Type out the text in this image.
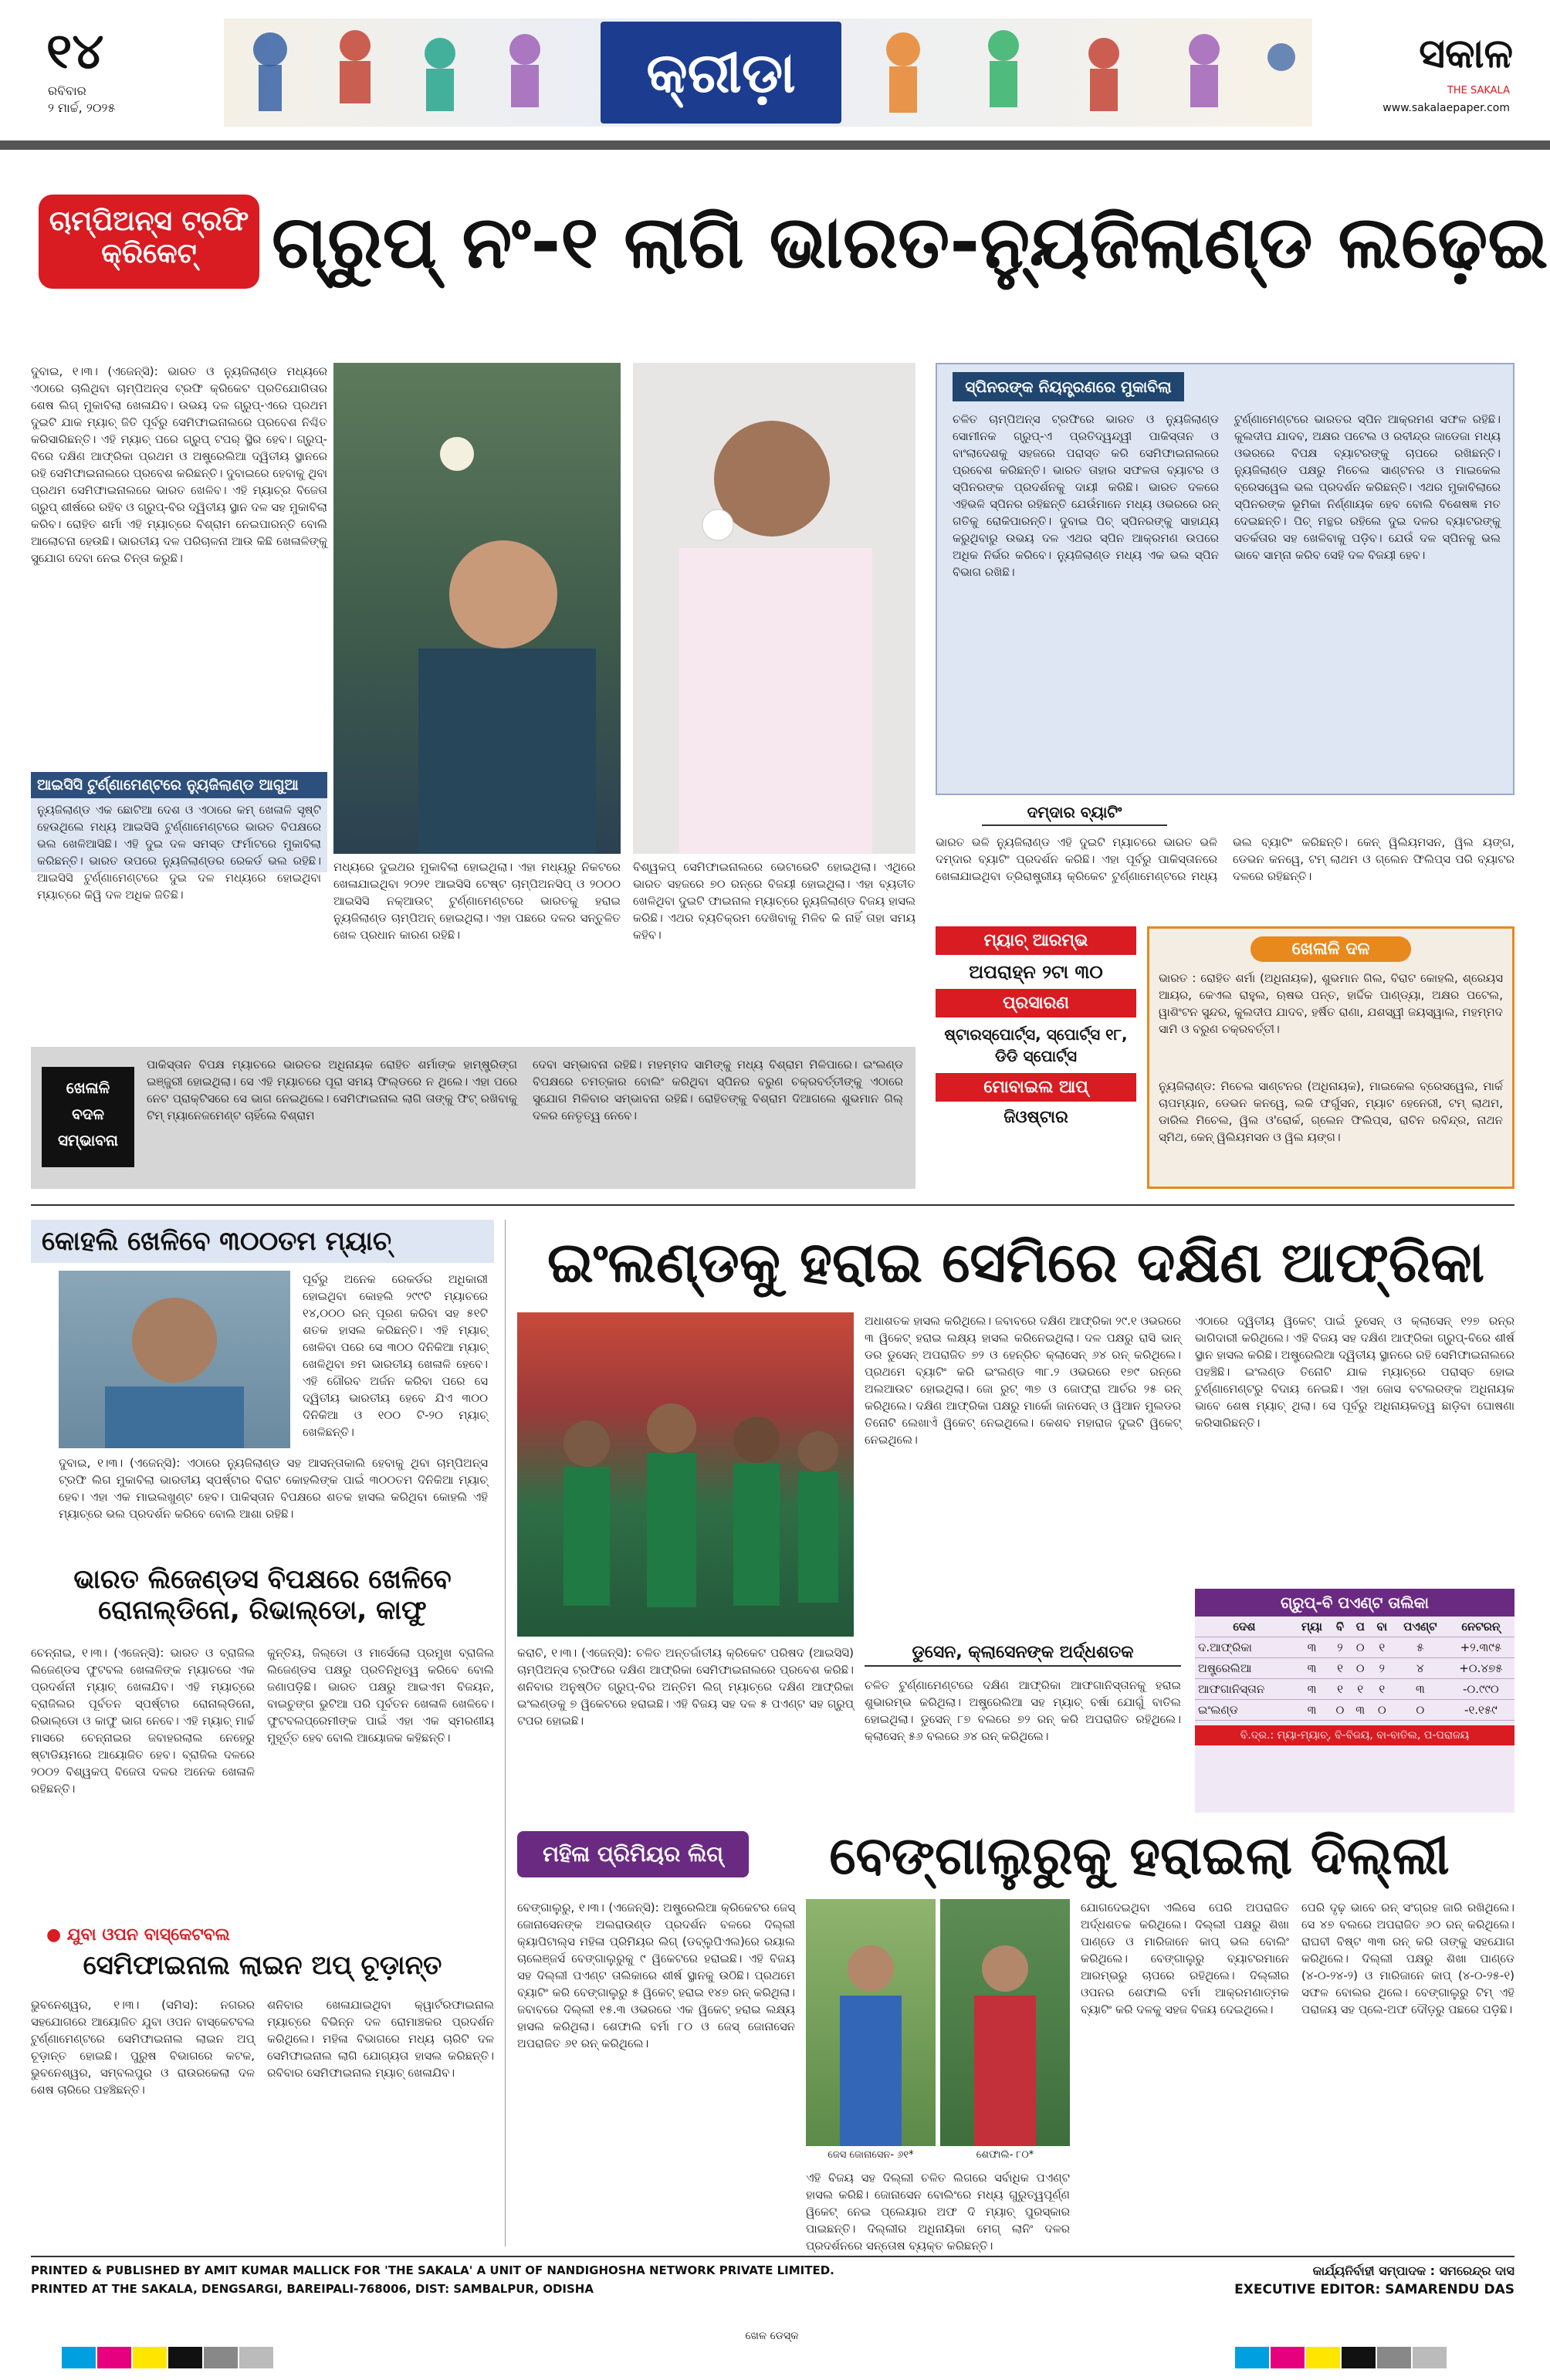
୧୪
ରବିବାର
୨ ମାର୍ଚ୍ଚ, ୨୦୨୫
କ୍ରୀଡ଼ା	ସକାଳ
THE SAKALA
www.sakalaepaper.com
ଚାମ୍ପିଅନ୍ସ ଟ୍ରଫି
କ୍ରିକେଟ୍	ଗ୍ରୁପ୍ ନଂ-୧ ଲାଗି ଭାରତ-ନ୍ୟୁଜିଲାଣ୍ଡ ଲଢ଼େଇ
ଦୁବାଇ, ୧।୩। (ଏଜେନ୍ସି): ଭାରତ ଓ ନ୍ୟୁଜିଲାଣ୍ଡ ମଧ୍ୟରେ ଏଠାରେ ଚାଲିଥିବା ଚାମ୍ପିଅନ୍ସ ଟ୍ରଫି କ୍ରିକେଟ ପ୍ରତିଯୋଗିତାର ଶେଷ ଲିଗ୍ ମୁକାବିଲା ଖେଳାଯିବ। ଉଭୟ ଦଳ ଗ୍ରୁପ୍-ଏରେ ପ୍ରଥମ ଦୁଇଟି ଯାକ ମ୍ୟାଚ୍ ଜିତି ପୂର୍ବରୁ ସେମିଫାଇନାଲରେ ପ୍ରବେଶ ନିଶ୍ଚିତ କରିସାରିଛନ୍ତି। ଏହି ମ୍ୟାଚ୍ ପରେ ଗ୍ରୁପ୍ ଟପର୍ ସ୍ଥିର ହେବ। ଗ୍ରୁପ୍-ବିରେ ଦକ୍ଷିଣ ଆଫ୍ରିକା ପ୍ରଥମ ଓ ଅଷ୍ଟ୍ରେଲିଆ ଦ୍ୱିତୀୟ ସ୍ଥାନରେ ରହି ସେମିଫାଇନାଲରେ ପ୍ରବେଶ କରିଛନ୍ତି। ଦୁବାଇରେ ହେବାକୁ ଥିବା ପ୍ରଥମ ସେମିଫାଇନାଲରେ ଭାରତ ଖେଳିବ। ଏହି ମ୍ୟାଚ୍‌ର ବିଜେତା ଗ୍ରୁପ୍ ଶୀର୍ଷରେ ରହିବ ଓ ଗ୍ରୁପ୍-ବିର ଦ୍ୱିତୀୟ ସ୍ଥାନ ଦଳ ସହ ମୁକାବିଲା କରିବ। ରୋହିତ ଶର୍ମା ଏହି ମ୍ୟାଚ୍‌ରେ ବିଶ୍ରାମ ନେଇପାରନ୍ତି ବୋଲି ଆଲୋଚନା ହେଉଛି। ଭାରତୀୟ ଦଳ ପରିଚାଳନା ଆଉ କିଛି ଖେଳାଳିଙ୍କୁ ସୁଯୋଗ ଦେବା ନେଇ ଚିନ୍ତା କରୁଛି।
ଆଇସିସି ଟୁର୍ଣ୍ଣାମେଣ୍ଟରେ ନ୍ୟୁଜିଲାଣ୍ଡ ଆଗୁଆ
ନ୍ୟୁଜିଲାଣ୍ଡ ଏକ ଛୋଟିଆ ଦେଶ ଓ ଏଠାରେ କମ୍ ଖେଳାଳି ସୃଷ୍ଟି ହେଉଥିଲେ ମଧ୍ୟ ଆଇସିସି ଟୁର୍ଣ୍ଣାମେଣ୍ଟରେ ଭାରତ ବିପକ୍ଷରେ ଭଲ ଖେଳିଆସିଛି। ଏହି ଦୁଇ ଦଳ ସମସ୍ତ ଫର୍ମାଟରେ ମୁକାବିଲା କରିଛନ୍ତି। ଭାରତ ଉପରେ ନ୍ୟୁଜିଲାଣ୍ଡର ରେକର୍ଡ ଭଲ ରହିଛି। ଆଇସିସି ଟୁର୍ଣ୍ଣାମେଣ୍ଟରେ ଦୁଇ ଦଳ ମଧ୍ୟରେ ହୋଇଥିବା ମ୍ୟାଚ୍‌ରେ କିୱି ଦଳ ଅଧିକ ଜିତିଛି।
ମଧ୍ୟରେ ଦୁଇଥର ମୁକାବିଲା ହୋଇଥିଲା। ଏହା ମଧ୍ୟରୁ ନିକଟରେ ଖେଳାଯାଇଥିବା ୨୦୨୧ ଆଇସିସି ଟେଷ୍ଟ ଚାମ୍ପିଅନସିପ୍ ଓ ୨୦୦୦ ଆଇସିସି ନକ୍‌ଆଉଟ୍ ଟୁର୍ଣ୍ଣାମେଣ୍ଟରେ ଭାରତକୁ ହରାଇ ନ୍ୟୁଜିଲାଣ୍ଡ ଚାମ୍ପିଅନ୍ ହୋଇଥିଲା। ଏହା ପଛରେ ଦଳର ସନ୍ତୁଳିତ ଖେଳ ପ୍ରଧାନ କାରଣ ରହିଛି।
ବିଶ୍ୱକପ୍ ସେମିଫାଇନାଲରେ ଭେଟାଭେଟି ହୋଇଥିଲା। ଏଥିରେ ଭାରତ ସହଜରେ ୭୦ ରନ୍‌ରେ ବିଜୟୀ ହୋଇଥିଲା। ଏହା ବ୍ୟତୀତ ଖେଳିଥିବା ଦୁଇଟି ଫାଇନାଲ ମ୍ୟାଚ୍‌ରେ ନ୍ୟୁଜିଲାଣ୍ଡ ବିଜୟ ହାସଲ କରିଛି। ଏଥର ବ୍ୟତିକ୍ରମ ଦେଖିବାକୁ ମିଳିବ କି ନାହିଁ ତାହା ସମୟ କହିବ।
ସ୍ପିନରଙ୍କ ନିୟନ୍ତ୍ରଣରେ ମୁକାବିଲା
ଚଳିତ ଚାମ୍ପିଅନ୍ସ ଟ୍ରଫିରେ ଭାରତ ଓ ନ୍ୟୁଜିଲାଣ୍ଡ ସୋମୀନକ ଗ୍ରୁପ୍-ଏ ପ୍ରତିଦ୍ୱନ୍ଦ୍ୱୀ ପାକିସ୍ତାନ ଓ ବାଂଲାଦେଶକୁ ସହଜରେ ପରାସ୍ତ କରି ସେମିଫାଇନାଲରେ ପ୍ରବେଶ କରିଛନ୍ତି। ଭାରତ ତାହାର ସଫଳତା ବ୍ୟାଟର ଓ ସ୍ପିନରଙ୍କ ପ୍ରଦର୍ଶନକୁ ଦାୟୀ କରିଛି। ଭାରତ ଦଳରେ ଏହିଭଳି ସ୍ପିନର ରହିଛନ୍ତି ଯେଉଁମାନେ ମଧ୍ୟ ଓଭରରେ ରନ୍ ଗତିକୁ ରୋକିପାରନ୍ତି। ଦୁବାଇ ପିଚ୍ ସ୍ପିନରଙ୍କୁ ସାହାଯ୍ୟ କରୁଥିବାରୁ ଉଭୟ ଦଳ ଏଥର ସ୍ପିନ ଆକ୍ରମଣ ଉପରେ ଅଧିକ ନିର୍ଭର କରିବେ। ନ୍ୟୁଜିଲାଣ୍ଡ ମଧ୍ୟ ଏକ ଭଲ ସ୍ପିନ ବିଭାଗ ରଖିଛି।
ଟୁର୍ଣ୍ଣାମେଣ୍ଟରେ ଭାରତର ସ୍ପିନ ଆକ୍ରମଣ ସଫଳ ରହିଛି। କୁଲଦୀପ ଯାଦବ, ଅକ୍ଷର ପଟେଲ ଓ ରବୀନ୍ଦ୍ର ଜାଡେଜା ମଧ୍ୟ ଓଭରରେ ବିପକ୍ଷ ବ୍ୟାଟରଙ୍କୁ ଚାପରେ ରଖିଛନ୍ତି। ନ୍ୟୁଜିଲାଣ୍ଡ ପକ୍ଷରୁ ମିଚେଲ ସାଣ୍ଟନର ଓ ମାଇକେଲ ବ୍ରେସୱେଲ ଭଲ ପ୍ରଦର୍ଶନ କରିଛନ୍ତି। ଏଥର ମୁକାବିଲାରେ ସ୍ପିନରଙ୍କ ଭୂମିକା ନିର୍ଣ୍ଣାୟକ ହେବ ବୋଲି ବିଶେଷଜ୍ଞ ମତ ଦେଇଛନ୍ତି। ପିଚ୍ ମନ୍ଥର ରହିଲେ ଦୁଇ ଦଳର ବ୍ୟାଟରଙ୍କୁ ସତର୍କତାର ସହ ଖେଳିବାକୁ ପଡ଼ିବ। ଯେଉଁ ଦଳ ସ୍ପିନକୁ ଭଲ ଭାବେ ସାମ୍ନା କରିବ ସେହି ଦଳ ବିଜୟୀ ହେବ।
ଦମ୍ଦାର ବ୍ୟାଟିଂ
ଭାରତ ଭଳି ନ୍ୟୁଜିଲାଣ୍ଡ ଏହି ଦୁଇଟି ମ୍ୟାଚରେ ଭାରତ ଭଳି ଦମ୍ଦାର ବ୍ୟାଟିଂ ପ୍ରଦର୍ଶନ କରିଛି। ଏହା ପୂର୍ବରୁ ପାକିସ୍ତାନରେ ଖେଳାଯାଇଥିବା ତ୍ରିରାଷ୍ଟ୍ରୀୟ କ୍ରିକେଟ ଟୁର୍ଣ୍ଣାମେଣ୍ଟରେ ମଧ୍ୟ ଭଲ ବ୍ୟାଟିଂ କରିଛନ୍ତି। କେନ୍ ୱିଲିୟମସନ, ୱିଲ ୟଙ୍ଗ, ଡେଭନ କନୱେ, ଟମ୍ ଲାଥମ ଓ ଗ୍ଲେନ ଫିଲିପ୍ସ ପରି ବ୍ୟାଟର ଦଳରେ ରହିଛନ୍ତି।
ମ୍ୟାଚ୍ ଆରମ୍ଭ
ଅପରାହ୍ନ ୨ଟା ୩୦
ପ୍ରସାରଣ
ଷ୍ଟାରସ୍ପୋର୍ଟ୍ସ, ସ୍ପୋର୍ଟ୍ସ ୧୮, ଡିଡି ସ୍ପୋର୍ଟ୍ସ
ମୋବାଇଲ ଆପ୍
ଜିଓଷ୍ଟାର
ଖେଳାଳି ଦଳ
ଭାରତ : ରୋହିତ ଶର୍ମା (ଅଧିନାୟକ), ଶୁଭମାନ ଗିଲ, ବିରାଟ କୋହଲି, ଶ୍ରେୟସ ଆୟର, କେଏଲ ରାହୁଲ, ଋଷଭ ପନ୍ତ, ହାର୍ଦ୍ଦିକ ପାଣ୍ଡ୍ୟା, ଅକ୍ଷର ପଟେଲ, ୱାଶିଂଟନ ସୁନ୍ଦର, କୁଲଦୀପ ଯାଦବ, ହର୍ଷିତ ରାଣା, ଯଶସ୍ୱୀ ଜୟସ୍ୱାଲ, ମହମ୍ମଦ ସାମି ଓ ବରୁଣ ଚକ୍ରବର୍ତ୍ତୀ।
ନ୍ୟୁଜିଲାଣ୍ଡ: ମିଚେଲ ସାଣ୍ଟନର (ଅଧିନାୟକ), ମାଇକେଲ ବ୍ରେସୱେଲ, ମାର୍କ ଚାପମ୍ୟାନ, ଡେଭନ କନୱେ, ଲକି ଫର୍ଗୁସନ, ମ୍ୟାଟ ହେନେରୀ, ଟମ୍ ଲାଥମ, ଡାରିଲ ମିଚେଲ, ୱିଲ ଓ'ରୋର୍କ, ଗ୍ଲେନ ଫିଲିପ୍ସ, ରାଚିନ ରବିନ୍ଦ୍ର, ନାଥନ ସ୍ମିଥ, କେନ୍ ୱିଲିୟମସନ ଓ ୱିଲ ୟଙ୍ଗ।
ଖେଳାଳି
ବଦଳ
ସମ୍ଭାବନା
ପାକିସ୍ତାନ ବିପକ୍ଷ ମ୍ୟାଚରେ ଭାରତର ଅଧିନାୟକ ରୋହିତ ଶର୍ମାଙ୍କ ହାମ୍‌ଷ୍ଟ୍ରିଙ୍ଗ ଇଞ୍ଜୁରୀ ହୋଇଥିଲା। ସେ ଏହି ମ୍ୟାଚରେ ପୂରା ସମୟ ଫିଲ୍ଡରେ ନ ଥିଲେ। ଏହା ପରେ ନେଟ ପ୍ରାକ୍ଟିସରେ ସେ ଭାଗ ନେଇଥିଲେ। ସେମିଫାଇନାଲ ଲାଗି ତାଙ୍କୁ ଫିଟ୍ ରଖିବାକୁ ଟିମ୍ ମ୍ୟାନେଜମେଣ୍ଟ ଚାହିଁଲେ ବିଶ୍ରାମ
ଦେବା ସମ୍ଭାବନା ରହିଛି। ମହମ୍ମଦ ସାମିଙ୍କୁ ମଧ୍ୟ ବିଶ୍ରାମ ମିଳିପାରେ। ଇଂଲଣ୍ଡ ବିପକ୍ଷରେ ଚମତ୍କାର ବୋଲିଂ କରିଥିବା ସ୍ପିନର ବରୁଣ ଚକ୍ରବର୍ତ୍ତୀଙ୍କୁ ଏଠାରେ ସୁଯୋଗ ମିଳିବାର ସମ୍ଭାବନା ରହିଛି। ରୋହିତଙ୍କୁ ବିଶ୍ରାମ ଦିଆଗଲେ ଶୁଭମାନ ଗିଲ୍ ଦଳର ନେତୃତ୍ୱ ନେବେ।
କୋହଲି ଖେଳିବେ ୩୦୦ତମ ମ୍ୟାଚ୍
ପୂର୍ବରୁ ଅନେକ ରେକର୍ଡର ଅଧିକାରୀ ହୋଇଥିବା କୋହଲି ୨୯୯ଟି ମ୍ୟାଚରେ ୧୪,୦୦୦ ରନ୍ ପୂରଣ କରିବା ସହ ୫୧ଟି ଶତକ ହାସଲ କରିଛନ୍ତି। ଏହି ମ୍ୟାଚ୍ ଖେଳିବା ପରେ ସେ ୩୦୦ ଦିନିକିଆ ମ୍ୟାଚ୍ ଖେଳିଥିବା ୭ମ ଭାରତୀୟ ଖେଳାଳି ହେବେ। ଏହି ଗୌରବ ଅର୍ଜନ କରିବା ପରେ ସେ ଦ୍ୱିତୀୟ ଭାରତୀୟ ହେବେ ଯିଏ ୩୦୦ ଦିନିକିଆ ଓ ୧୦୦ ଟି-୨୦ ମ୍ୟାଚ୍ ଖେଳିଛନ୍ତି।
ଦୁବାଇ, ୧।୩। (ଏଜେନ୍ସି): ଏଠାରେ ନ୍ୟୁଜିଲାଣ୍ଡ ସହ ଆସନ୍ତାକାଲି ହେବାକୁ ଥିବା ଚାମ୍ପିଅନ୍ସ ଟ୍ରଫି ଲିଗ ମୁକାବିଲା ଭାରତୀୟ ସ୍ପର୍ଷ୍ଟାର ବିରାଟ କୋହଲିଙ୍କ ପାଇଁ ୩୦୦ତମ ଦିନିକିଆ ମ୍ୟାଚ୍ ହେବ। ଏହା ଏକ ମାଇଲଖୁଣ୍ଟ ହେବ। ପାକିସ୍ତାନ ବିପକ୍ଷରେ ଶତକ ହାସଲ କରିଥିବା କୋହଲି ଏହି ମ୍ୟାଚ୍‌ରେ ଭଲ ପ୍ରଦର୍ଶନ କରିବେ ବୋଲି ଆଶା ରହିଛି।
ଭାରତ ଲିଜେଣ୍ଡସ ବିପକ୍ଷରେ ଖେଳିବେ
ରୋନାଲ୍ଡିନୋ, ରିଭାଲ୍ଡୋ, କାଫୁ
ଚେନ୍ନାଇ, ୧।୩। (ଏଜେନ୍ସି): ଭାରତ ଓ ବ୍ରାଜିଲ ଲିଜେଣ୍ଡସ ଫୁଟବଲ ଖେଳାଳିଙ୍କ ମ୍ୟାଚରେ ଏକ ପ୍ରଦର୍ଶନୀ ମ୍ୟାଚ୍ ଖେଳାଯିବ। ଏହି ମ୍ୟାଚ୍‌ରେ ବ୍ରାଜିଲର ପୂର୍ବତନ ସ୍ପର୍ଷ୍ଟାର ରୋନାଲ୍ଡିନୋ, ରିଭାଲ୍ଡୋ ଓ କାଫୁ ଭାଗ ନେବେ। ଏହି ମ୍ୟାଚ୍ ମାର୍ଚ୍ଚ ମାସରେ ଚେନ୍ନାଇର ଜବାହରଲାଲ ନେହେରୁ ଷ୍ଟାଡିୟମରେ ଆୟୋଜିତ ହେବ। ବ୍ରାଜିଲ ଦଳରେ ୨୦୦୨ ବିଶ୍ୱକପ୍ ବିଜେତା ଦଳର ଅନେକ ଖେଳାଳି ରହିଛନ୍ତି।
କୁନ୍ତିୟ, ଜିଲ୍ଡୋ ଓ ମାର୍ସେଲୋ ପ୍ରମୁଖ ବ୍ରାଜିଲ ଲିଜେଣ୍ଡସ ପକ୍ଷରୁ ପ୍ରତିନିଧିତ୍ୱ କରିବେ ବୋଲି ଜଣାପଡ଼ିଛି। ଭାରତ ପକ୍ଷରୁ ଆଇଏମ ବିଜୟନ, ବାଇଚୁଙ୍ଗ ଭୁଟିଆ ପରି ପୂର୍ବତନ ଖେଳାଳି ଖେଳିବେ। ଫୁଟବଲପ୍ରେମୀଙ୍କ ପାଇଁ ଏହା ଏକ ସ୍ମରଣୀୟ ମୁହୂର୍ତ୍ତ ହେବ ବୋଲି ଆୟୋଜକ କହିଛନ୍ତି।
● ଯୁବା ଓପନ ବାସ୍କେଟବଲ
ସେମିଫାଇନାଲ ଲାଇନ ଅପ୍ ଚୂଡ଼ାନ୍ତ
ଭୁବନେଶ୍ୱର, ୧।୩। (ସମିସ): ନଗରର ସହଯୋଗରେ ଆୟୋଜିତ ଯୁବା ଓପନ ବାସ୍କେଟବଲ ଟୁର୍ଣ୍ଣାମେଣ୍ଟରେ ସେମିଫାଇନାଲ ଲାଇନ ଅପ୍ ଚୂଡ଼ାନ୍ତ ହୋଇଛି। ପୁରୁଷ ବିଭାଗରେ କଟକ, ଭୁବନେଶ୍ୱର, ସମ୍ବଲପୁର ଓ ରାଉରକେଲା ଦଳ ଶେଷ ଚାରିରେ ପହଞ୍ଚିଛନ୍ତି।
ଶନିବାର ଖେଳାଯାଇଥିବା କ୍ୱାର୍ଟରଫାଇନାଲ ମ୍ୟାଚ୍‌ରେ ବିଭିନ୍ନ ଦଳ ରୋମାଞ୍ଚକର ପ୍ରଦର୍ଶନ କରିଥିଲେ। ମହିଳା ବିଭାଗରେ ମଧ୍ୟ ଚାରିଟି ଦଳ ସେମିଫାଇନାଲ ଲାଗି ଯୋଗ୍ୟତା ହାସଲ କରିଛନ୍ତି। ରବିବାର ସେମିଫାଇନାଲ ମ୍ୟାଚ୍ ଖେଳାଯିବ।
ଇଂଲଣ୍ଡକୁ ହରାଇ ସେମିରେ ଦକ୍ଷିଣ ଆଫ୍ରିକା
ଅଧାଶତକ ହାସଲ କରିଥିଲେ। ଜବାବରେ ଦକ୍ଷିଣ ଆଫ୍ରିକା ୨୯.୧ ଓଭରରେ ୩ ୱିକେଟ୍ ହରାଇ ଲକ୍ଷ୍ୟ ହାସଲ କରିନେଇଥିଲା। ଦଳ ପକ୍ଷରୁ ରାସି ଭାନ୍ ଡର ଡୁସେନ୍ ଅପରାଜିତ ୭୨ ଓ ହେନ୍ରିଚ କ୍ଲାସେନ୍ ୬୪ ରନ୍ କରିଥିଲେ। ପ୍ରଥମେ ବ୍ୟାଟିଂ କରି ଇଂଲଣ୍ଡ ୩୮.୨ ଓଭରରେ ୧୭୯ ରନ୍‌ରେ ଅଲଆଉଟ ହୋଇଥିଲା। ଜୋ ରୁଟ୍ ୩୭ ଓ ଜୋଫ୍ରା ଆର୍ଚର ୨୫ ରନ୍ କରିଥିଲେ। ଦକ୍ଷିଣ ଆଫ୍ରିକା ପକ୍ଷରୁ ମାର୍କୋ ଜାନସେନ୍ ଓ ୱିଆନ ମୁଲଡର ତିନୋଟି ଲେଖାଏଁ ୱିକେଟ୍ ନେଇଥିଲେ। କେଶବ ମହାରାଜ ଦୁଇଟି ୱିକେଟ୍ ନେଇଥିଲେ।
ଏଠାରେ ଦ୍ୱିତୀୟ ୱିକେଟ୍ ପାଇଁ ଡୁସେନ୍ ଓ କ୍ଲାସେନ୍ ୧୨୭ ରନ୍‌ର ଭାଗିଦାରୀ କରିଥିଲେ। ଏହି ବିଜୟ ସହ ଦକ୍ଷିଣ ଆଫ୍ରିକା ଗ୍ରୁପ୍-ବିରେ ଶୀର୍ଷ ସ୍ଥାନ ହାସଲ କରିଛି। ଅଷ୍ଟ୍ରେଲିଆ ଦ୍ୱିତୀୟ ସ୍ଥାନରେ ରହି ସେମିଫାଇନାଲରେ ପହଞ୍ଚିଛି। ଇଂଲଣ୍ଡ ତିନୋଟି ଯାକ ମ୍ୟାଚ୍‌ରେ ପରାସ୍ତ ହୋଇ ଟୁର୍ଣ୍ଣାମେଣ୍ଟରୁ ବିଦାୟ ନେଇଛି। ଏହା ଜୋସ ବଟଲରଙ୍କ ଅଧିନାୟକ ଭାବେ ଶେଷ ମ୍ୟାଚ୍ ଥିଲା। ସେ ପୂର୍ବରୁ ଅଧିନାୟକତ୍ୱ ଛାଡ଼ିବା ଘୋଷଣା କରିସାରିଛନ୍ତି।
କରାଚି, ୧।୩। (ଏଜେନ୍ସି): ଚଳିତ ଅନ୍ତର୍ଜାତୀୟ କ୍ରିକେଟ ପରିଷଦ (ଆଇସିସି) ଚାମ୍ପିଅନ୍ସ ଟ୍ରଫିରେ ଦକ୍ଷିଣ ଆଫ୍ରିକା ସେମିଫାଇନାଲରେ ପ୍ରବେଶ କରିଛି। ଶନିବାର ଅନୁଷ୍ଠିତ ଗ୍ରୁପ୍-ବିର ଅନ୍ତିମ ଲିଗ୍ ମ୍ୟାଚ୍‌ରେ ଦକ୍ଷିଣ ଆଫ୍ରିକା ଇଂଲଣ୍ଡକୁ ୭ ୱିକେଟରେ ହରାଇଛି। ଏହି ବିଜୟ ସହ ଦଳ ୫ ପଏଣ୍ଟ ସହ ଗ୍ରୁପ୍ ଟପର ହୋଇଛି।
ଡୁସେନ, କ୍ଲାସେନଙ୍କ ଅର୍ଦ୍ଧଶତକ
ଚଳିତ ଟୁର୍ଣ୍ଣାମେଣ୍ଟରେ ଦକ୍ଷିଣ ଆଫ୍ରିକା ଆଫଗାନିସ୍ତାନକୁ ହରାଇ ଶୁଭାରମ୍ଭ କରିଥିଲା। ଅଷ୍ଟ୍ରେଲିଆ ସହ ମ୍ୟାଚ୍ ବର୍ଷା ଯୋଗୁଁ ବାତିଲ ହୋଇଥିଲା। ଡୁସେନ୍ ୮୭ ବଲରେ ୭୨ ରନ୍ କରି ଅପରାଜିତ ରହିଥିଲେ। କ୍ଲାସେନ୍ ୫୬ ବଲରେ ୬୪ ରନ୍ କରିଥିଲେ।
ଗ୍ରୁପ୍-ବି ପଏଣ୍ଟ ତାଲିକା
ଦେଶ	ମ୍ୟା	ବି	ପ	ବା	ପଏଣ୍ଟ	ନେଟରନ୍
ଦ.ଆଫ୍ରିକା	୩	୨	୦	୧	୫	+୨.୩୯୫
ଅଷ୍ଟ୍ରେଲିଆ	୩	୧	୦	୨	୪	+୦.୪୭୫
ଆଫଗାନିସ୍ତାନ	୩	୧	୧	୧	୩	-୦.୯୯୦
ଇଂଲଣ୍ଡ	୩	୦	୩	୦	୦	-୧.୧୫୯
ବି.ଦ୍ର.: ମ୍ୟା-ମ୍ୟାଚ୍, ବି-ବିଜୟ, ବା-ବାତିଲ, ପ-ପରାଜୟ
ମହିଳା ପ୍ରିମିୟର ଲିଗ୍	ବେଙ୍ଗାଲୁରୁକୁ ହରାଇଲା ଦିଲ୍ଲୀ
ବେଙ୍ଗାଲୁରୁ, ୧।୩। (ଏଜେନ୍ସି): ଅଷ୍ଟ୍ରେଲିଆ କ୍ରିକେଟର ଜେସ୍ ଜୋନାସେନଙ୍କ ଅଲରାଉଣ୍ଡ ପ୍ରଦର୍ଶନ ବଳରେ ଦିଲ୍ଲୀ କ୍ୟାପିଟାଲ୍ସ ମହିଳା ପ୍ରିମିୟର ଲିଗ୍ (ଡବ୍ଲୁପିଏଲ)ରେ ରୟାଲ ଚାଲେଞ୍ଜର୍ସ ବେଙ୍ଗାଲୁରୁକୁ ୯ ୱିକେଟରେ ହରାଇଛି। ଏହି ବିଜୟ ସହ ଦିଲ୍ଲୀ ପଏଣ୍ଟ ତାଲିକାରେ ଶୀର୍ଷ ସ୍ଥାନକୁ ଉଠିଛି। ପ୍ରଥମେ ବ୍ୟାଟିଂ କରି ବେଙ୍ଗାଲୁରୁ ୫ ୱିକେଟ୍ ହରାଇ ୧୪୭ ରନ୍ କରିଥିଲା। ଜବାବରେ ଦିଲ୍ଲୀ ୧୫.୩ ଓଭରରେ ଏକ ୱିକେଟ୍ ହରାଇ ଲକ୍ଷ୍ୟ ହାସଲ କରିଥିଲା। ଶେଫାଲି ବର୍ମା ୮୦ ଓ ଜେସ୍ ଜୋନାସେନ ଅପରାଜିତ ୬୧ ରନ୍ କରିଥିଲେ।
ଜେସ ଜୋନାସେନ- ୬୧*	ଶେଫାଲି- ୮୦*
ଏହି ବିଜୟ ସହ ଦିଲ୍ଲୀ ଚଳିତ ଲିଗରେ ସର୍ବାଧିକ ପଏଣ୍ଟ ହାସଲ କରିଛି। ଜୋନାସେନ ବୋଲିଂରେ ମଧ୍ୟ ଗୁରୁତ୍ୱପୂର୍ଣ୍ଣ ୱିକେଟ୍ ନେଇ ପ୍ଲେୟାର ଅଫ ଦି ମ୍ୟାଚ୍ ପୁରସ୍କାର ପାଇଛନ୍ତି। ଦିଲ୍ଲୀର ଅଧିନାୟିକା ମେଗ୍ ଲାନିଂ ଦଳର ପ୍ରଦର୍ଶନରେ ସନ୍ତୋଷ ବ୍ୟକ୍ତ କରିଛନ୍ତି।
ଯୋଗଦେଇଥିବା ଏଲିସେ ପେରି ଅପରାଜିତ ଅର୍ଦ୍ଧଶତକ କରିଥିଲେ। ଦିଲ୍ଲୀ ପକ୍ଷରୁ ଶିଖା ପାଣ୍ଡେ ଓ ମାରିଜାନେ କାପ୍ ଭଲ ବୋଲିଂ କରିଥିଲେ। ବେଙ୍ଗାଲୁରୁ ବ୍ୟାଟରମାନେ ଆରମ୍ଭରୁ ଚାପରେ ରହିଥିଲେ। ଦିଲ୍ଲୀର ଓପନର ଶେଫାଲି ବର୍ମା ଆକ୍ରମଣାତ୍ମକ ବ୍ୟାଟିଂ କରି ଦଳକୁ ସହଜ ବିଜୟ ଦେଇଥିଲେ।
ପେରି ଦୃଢ଼ ଭାବେ ରନ୍ ସଂଗ୍ରହ ଜାରି ରଖିଥିଲେ। ସେ ୪୭ ବଲରେ ଅପରାଜିତ ୬୦ ରନ୍ କରିଥିଲେ। ରାଘବୀ ବିଷ୍ଟ ୩୩ ରନ୍ କରି ତାଙ୍କୁ ସହଯୋଗ କରିଥିଲେ। ଦିଲ୍ଲୀ ପକ୍ଷରୁ ଶିଖା ପାଣ୍ଡେ (୪-୦-୨୪-୨) ଓ ମାରିଜାନେ କାପ୍ (୪-୦-୨୫-୧) ସଫଳ ବୋଲର ଥିଲେ। ବେଙ୍ଗାଲୁରୁ ଟିମ୍ ଏହି ପରାଜୟ ସହ ପ୍ଲେ-ଅଫ ଦୌଡ଼ରୁ ପଛରେ ପଡ଼ିଛି।
PRINTED & PUBLISHED BY AMIT KUMAR MALLICK FOR 'THE SAKALA' A UNIT OF NANDIGHOSHA NETWORK PRIVATE LIMITED.
PRINTED AT THE SAKALA, DENGSARGI, BAREIPALI-768006, DIST: SAMBALPUR, ODISHA
କାର୍ଯ୍ୟନିର୍ବାହୀ ସମ୍ପାଦକ : ସମରେନ୍ଦ୍ର ଦାସ
EXECUTIVE EDITOR: SAMARENDU DAS
ଖେଳ ଡେସ୍କ
